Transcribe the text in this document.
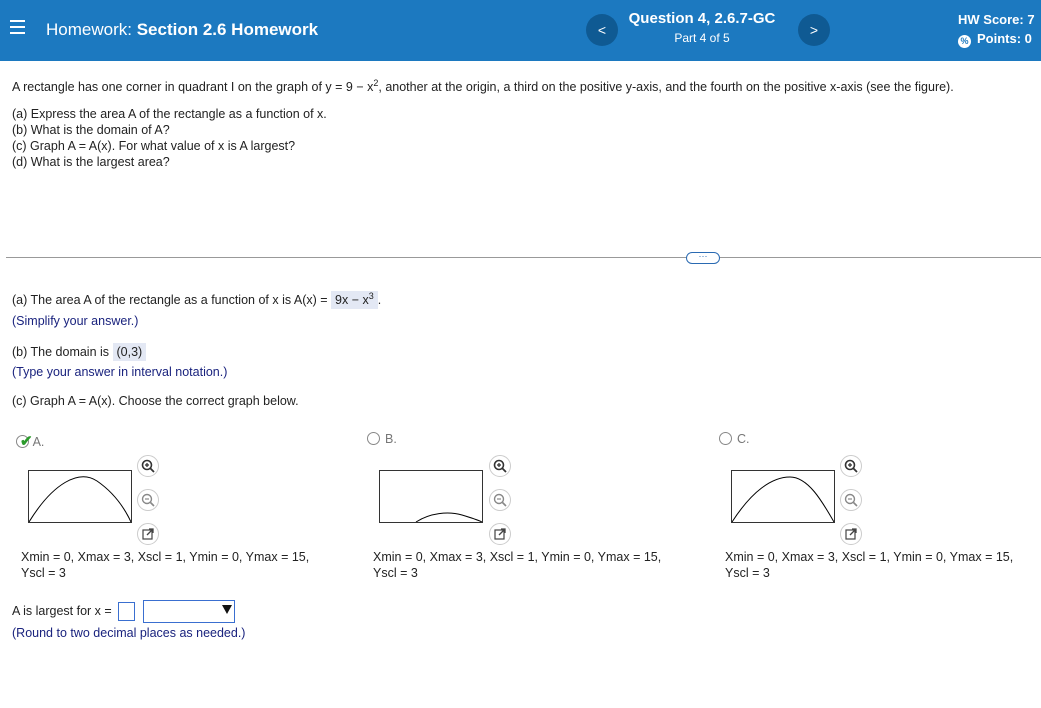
Homework: Section 2.6 Homework	<
Question 4, 2.6.7-GC
Part 4 of 5	>
HW Score: 7
% Points: 0
A rectangle has one corner in quadrant I on the graph of $y = 9 - x^2$, another at the origin, a third on the positive y-axis, and the fourth on the positive x-axis (see the figure).
(a) Express the area A of the rectangle as a function of x.
(b) What is the domain of A?
(c) Graph A = A(x). For what value of x is A largest?
(d) What is the largest area?
···
(a) The area A of the rectangle as a function of x is $A(x) = 9x - x^3$ .
(Simplify your answer.)
(b) The domain is (0,3)
(Type your answer in interval notation.)
(c) Graph A = A(x). Choose the correct graph below.
✔A.
Xmin = 0, Xmax = 3, Xscl = 1, Ymin = 0, Ymax = 15,
Yscl = 3
B.
Xmin = 0, Xmax = 3, Xscl = 1, Ymin = 0, Ymax = 15,
Yscl = 3
C.
Xmin = 0, Xmax = 3, Xscl = 1, Ymin = 0, Ymax = 15,
Yscl = 3
A is largest for x =
(Round to two decimal places as needed.)
